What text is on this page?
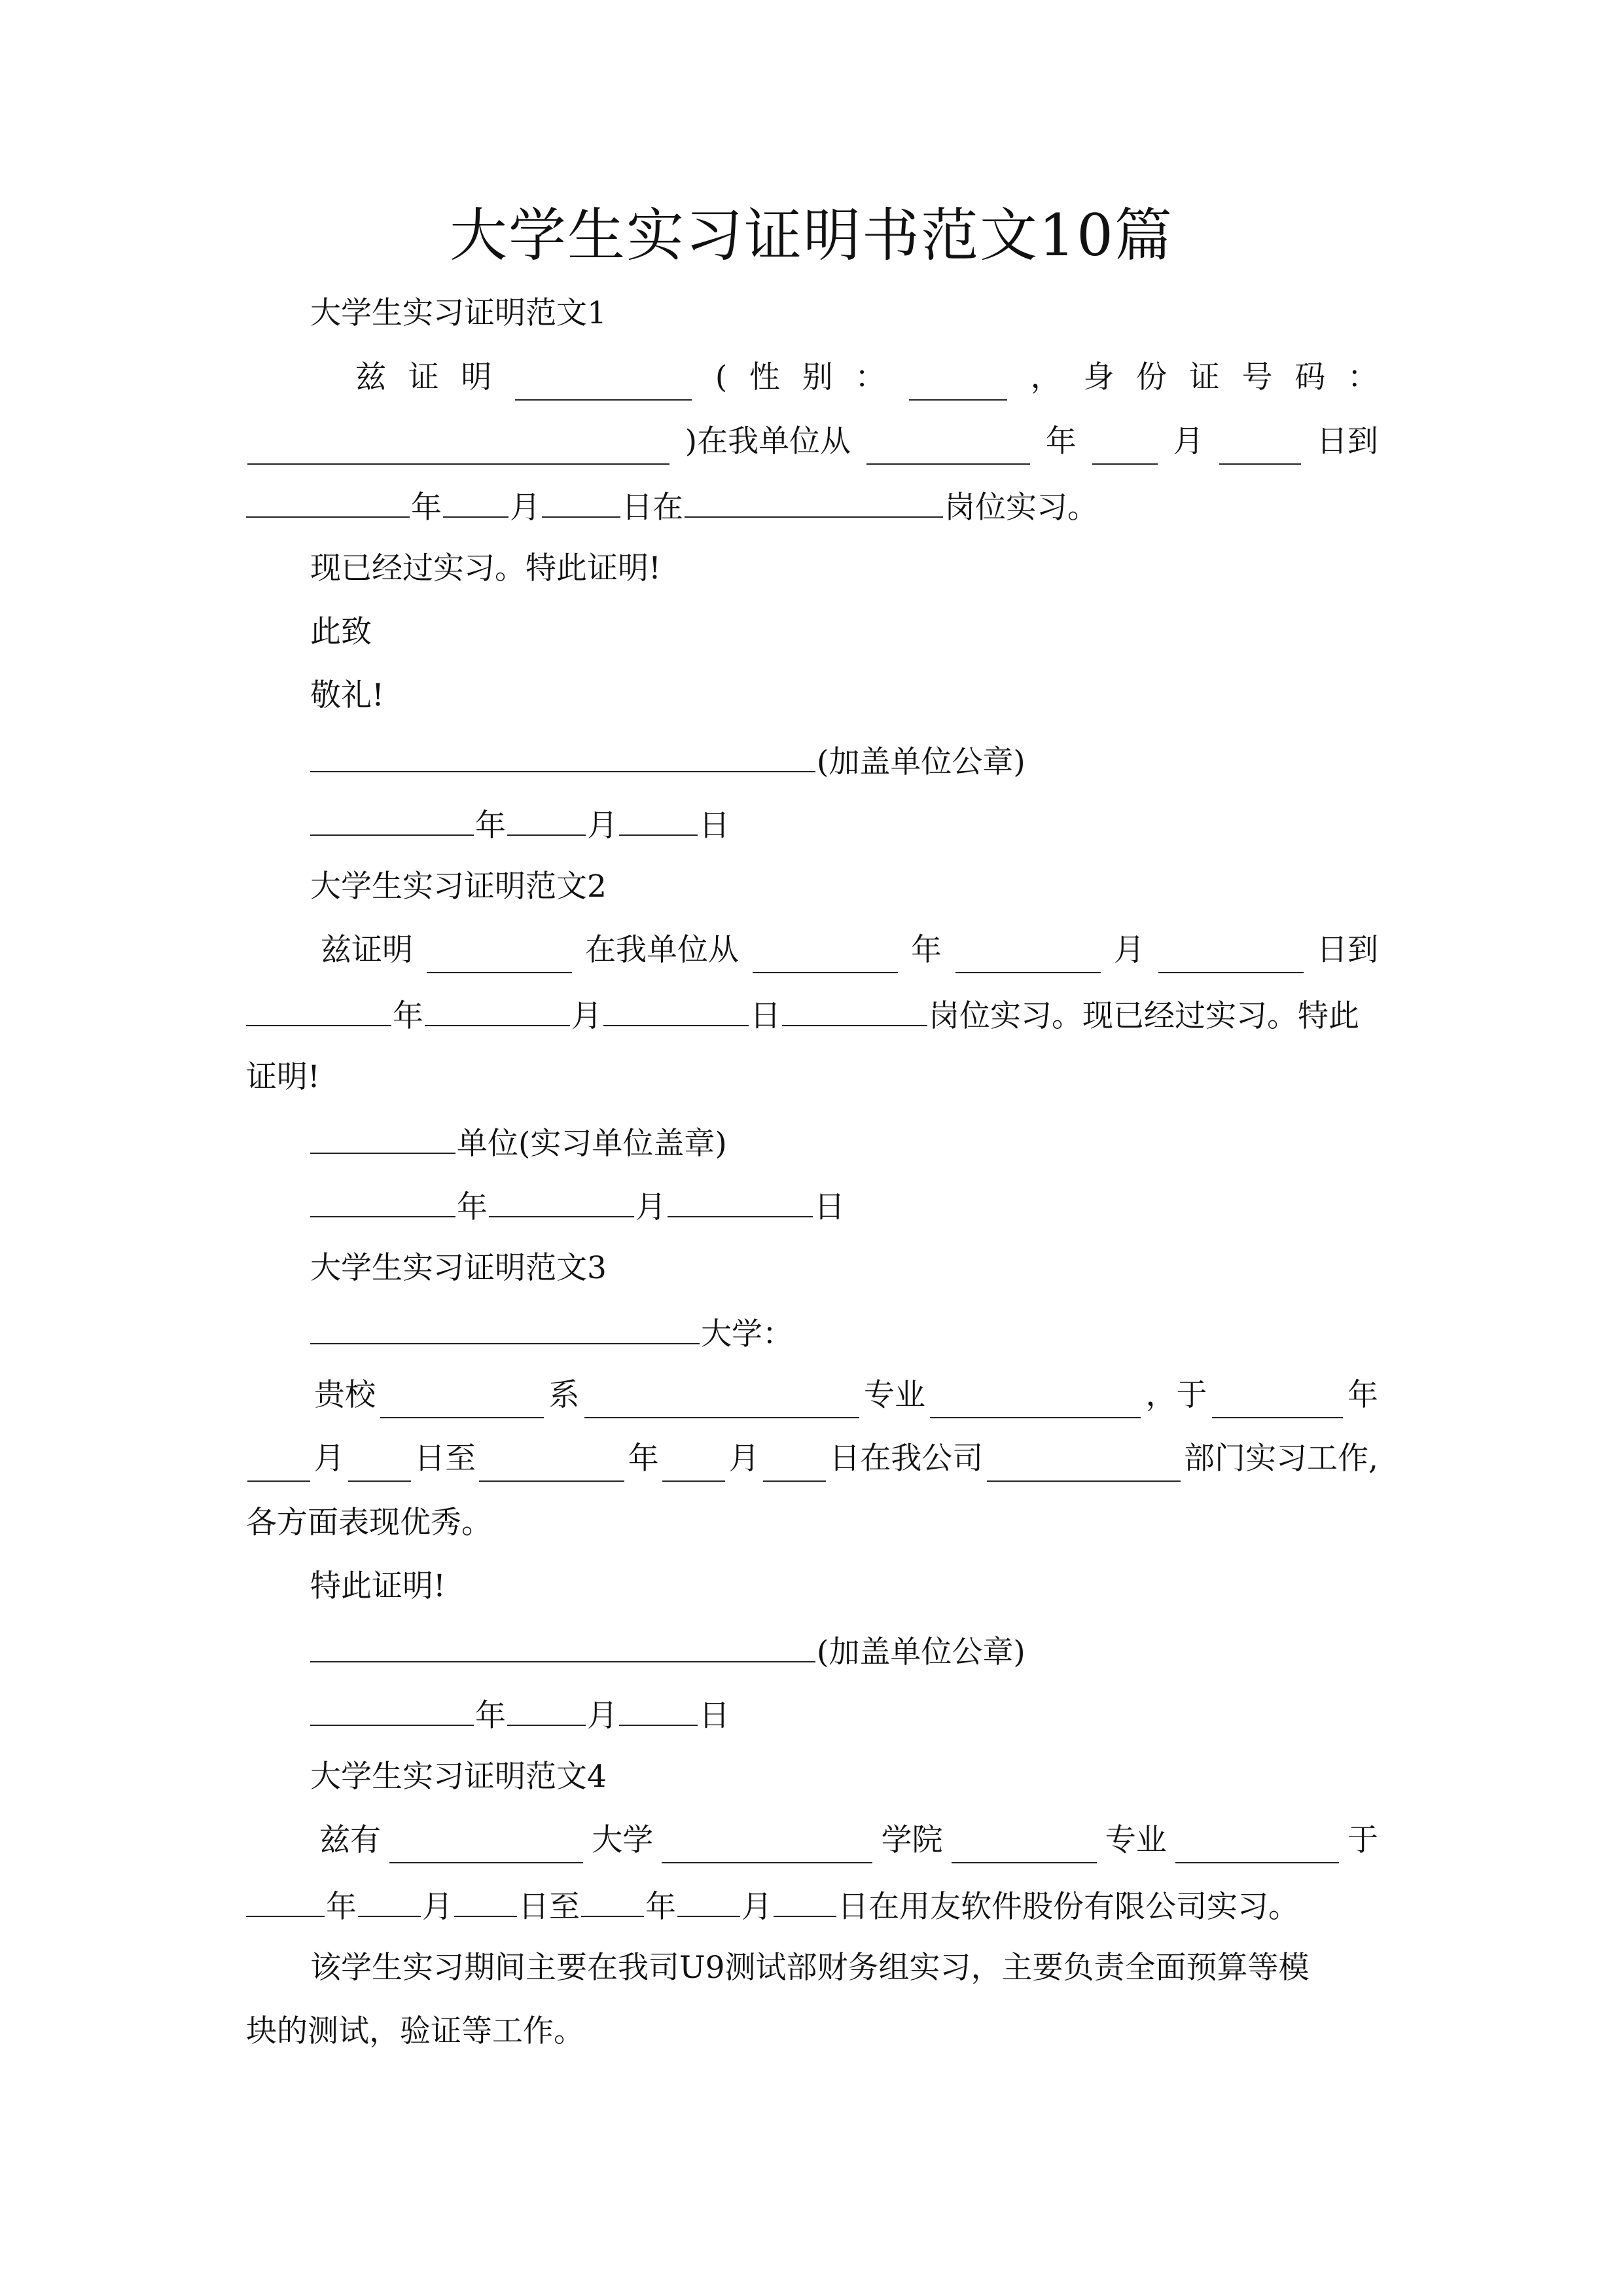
大学生实习证明书范文10篇
大学生实习证明范文1
兹 证 明	( 性 别 ：	， 身 份 证 号 码 ：
)在我单位从	年	月	日到
年 月	日在	岗位实习。
现已经过实习。特此证明!
此致
敬礼!
(加盖单位公章)
年	月	日
大学生实习证明范文2
兹证明	在我单位从	年	月	日到
年	月	日	岗位实习。现已经过实习。特此
证明!
单位(实习单位盖章)
年	月	日
大学生实习证明范文3
大学：
贵校	系	专业	，于	年
月 日至	年 月 日在我公司	部门实习工作,
各方面表现优秀。
特此证明!
(加盖单位公章)
年	月	日
大学生实习证明范文4
兹有	大学	学院	专业	于
年 月 日至 年 月 日在用友软件股份有限公司实习。
该学生实习期间主要在我司U9测试部财务组实习，主要负责全面预算等模
块的测试，验证等工作。
